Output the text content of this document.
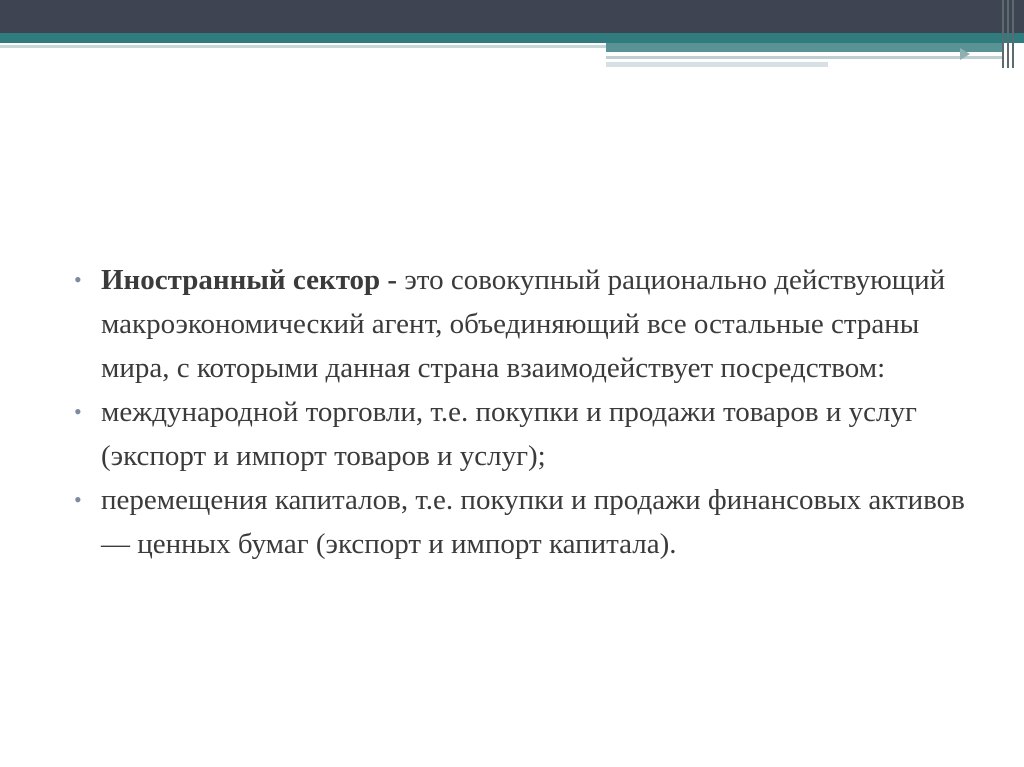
• Иностранный сектор - это совокупный рационально действующий макроэкономический агент, объединяющий все остальные страны мира, с которыми данная страна взаимодействует посредством:
• международной торговли, т.е. покупки и продажи товаров и услуг (экспорт и импорт товаров и услуг);
• перемещения капиталов, т.е. покупки и продажи финансовых активов — ценных бумаг (экспорт и импорт капитала).
